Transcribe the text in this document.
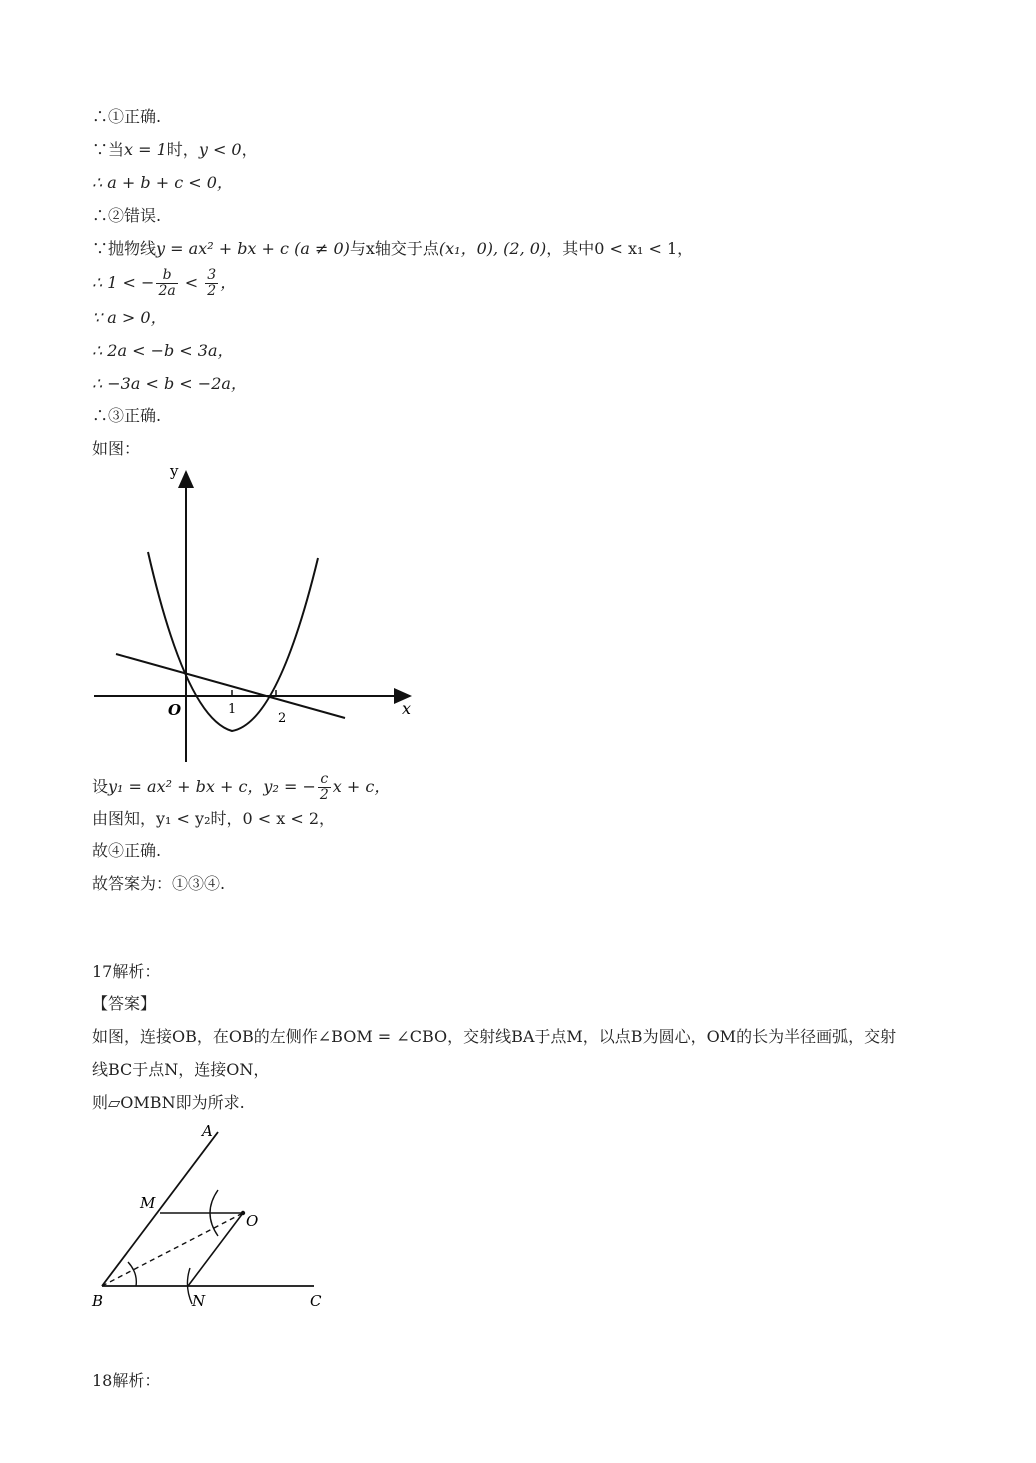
∴①正确.
∵当x = 1时，y < 0，
∴ a + b + c < 0，
∴②错误.
∵抛物线y = ax² + bx + c (a ≠ 0)与x轴交于点(x₁，0), (2, 0)，其中0 < x₁ < 1，
∴ 1 < − $\frac{b}{2a} < \frac{3}{2}$ ，
∵ a > 0，
∴ 2a < −b < 3a，
∴ −3a < b < −2a，
∴③正确.
如图：
y
x
O	1
2
设y₁ = ax² + bx + c，y₂ = − $\frac{c}{2}$ x + c，
由图知，y₁ < y₂时，0 < x < 2，
故④正确.
故答案为：①③④.
17解析：
【答案】
如图，连接OB，在OB的左侧作∠BOM = ∠CBO，交射线BA于点M，以点B为圆心，OM的长为半径画弧，交射
线BC于点N，连接ON，
则▱OMBN即为所求.
A
M
O
B	N	C
18解析：
